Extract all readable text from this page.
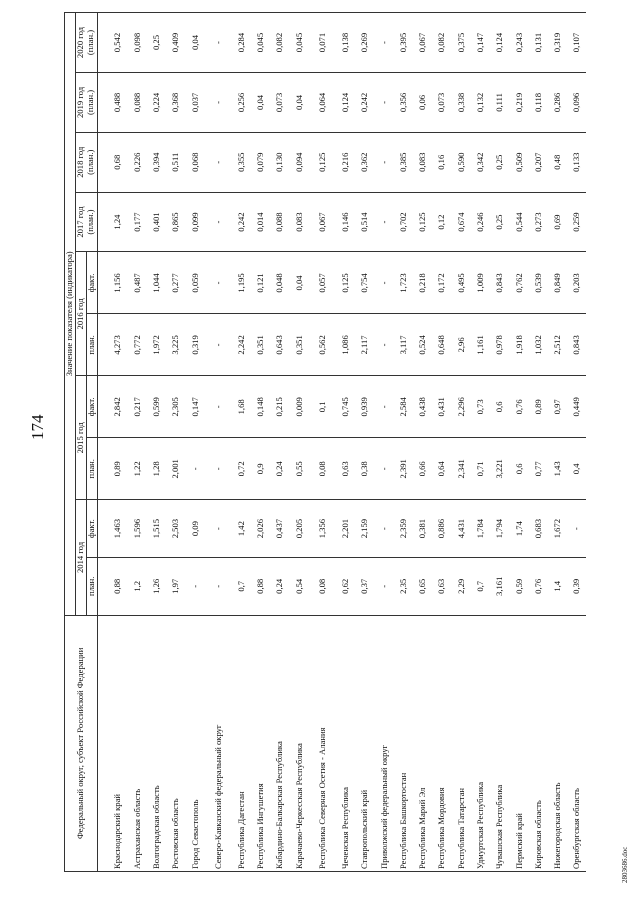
174
2803686.doc
Федеральный округ, субъект Российской Федерации	Значение показателя (индикатора)									
	2014 год		2015 год		2016 год		2017 год (план.)	2018 год (план.)	2019 год (план.)	2020 год (план.)
	план.	факт.	план.	факт.	план.	факт.				

Краснодарский край	0,88	1,463	0,89	2,842	4,273	1,156	1,24	0,68	0,488	0,542
Астраханская область	1,2	1,596	1,22	0,217	0,772	0,487	0,177	0,226	0,088	0,098
Волгоградская область	1,26	1,515	1,28	0,599	1,972	1,044	0,401	0,394	0,224	0,25
Ростовская область	1,97	2,503	2,001	2,305	3,225	0,277	0,865	0,511	0,368	0,409
Город Севастополь	-	0,09	-	0,147	0,319	0,059	0,099	0,068	0,037	0,04
Северо-Кавказский федеральный округ	-	-	-	-	-	-	-	-	-	-
Республика Дагестан	0,7	1,42	0,72	1,68	2,242	1,195	0,242	0,355	0,256	0,284
Республика Ингушетия	0,88	2,026	0,9	0,148	0,351	0,121	0,014	0,079	0,04	0,045
Кабардино-Балкарская Республика	0,24	0,437	0,24	0,215	0,643	0,048	0,088	0,130	0,073	0,082
Карачаево-Черкесская Республика	0,54	0,205	0,55	0,009	0,351	0,04	0,083	0,094	0,04	0,045
Республика Северная Осетия - Алания	0,08	1,356	0,08	0,1	0,562	0,057	0,067	0,125	0,064	0,071
Чеченская Республика	0,62	2,201	0,63	0,745	1,086	0,125	0,146	0,216	0,124	0,138
Ставропольский край	0,37	2,159	0,38	0,939	2,117	0,754	0,514	0,362	0,242	0,269
Приволжский федеральный округ	-	-	-	-	-	-	-	-	-	-
Республика Башкортостан	2,35	2,359	2,391	2,584	3,117	1,723	0,702	0,385	0,356	0,395
Республика Марий Эл	0,65	0,381	0,66	0,438	0,524	0,218	0,125	0,083	0,06	0,067
Республика Мордовия	0,63	0,886	0,64	0,431	0,648	0,172	0,12	0,16	0,073	0,082
Республика Татарстан	2,29	4,431	2,341	2,296	2,96	0,495	0,674	0,590	0,338	0,375
Удмуртская Республика	0,7	1,784	0,71	0,73	1,161	1,009	0,246	0,342	0,132	0,147
Чувашская Республика	3,161	1,794	3,221	0,6	0,978	0,843	0,25	0,25	0,111	0,124
Пермский край	0,59	1,74	0,6	0,76	1,918	0,762	0,544	0,509	0,219	0,243
Кировская область	0,76	0,683	0,77	0,89	1,032	0,539	0,273	0,207	0,118	0,131
Нижегородская область	1,4	1,672	1,43	0,97	2,512	0,849	0,69	0,48	0,286	0,319
Оренбургская область	0,39	-	0,4	0,449	0,843	0,203	0,259	0,133	0,096	0,107
